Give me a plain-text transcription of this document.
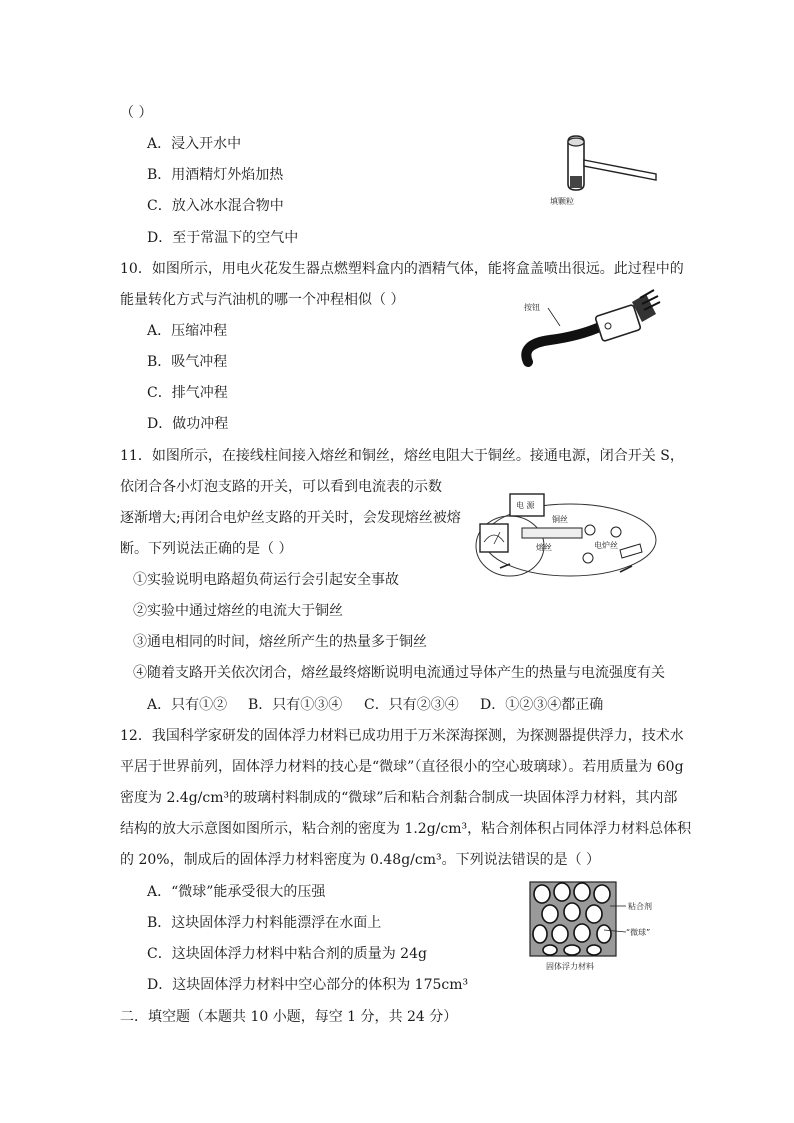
（ ）
A．浸入开水中
B．用酒精灯外焰加热
C．放入冰水混合物中
D．至于常温下的空气中
填颗粒
10．如图所示，用电火花发生器点燃塑料盒内的酒精气体，能将盒盖喷出很远。此过程中的
能量转化方式与汽油机的哪一个冲程相似（ ）
A．压缩冲程
B．吸气冲程
C．排气冲程
D．做功冲程
按钮
11．如图所示，在接线柱间接入熔丝和铜丝，熔丝电阻大于铜丝。接通电源，闭合开关 S，
依闭合各小灯泡支路的开关，可以看到电流表的示数
逐渐增大;再闭合电炉丝支路的开关时，会发现熔丝被熔
断。下列说法正确的是（ ）
①实验说明电路超负荷运行会引起安全事故
②实验中通过熔丝的电流大于铜丝
③通电相同的时间，熔丝所产生的热量多于铜丝
④随着支路开关依次闭合，熔丝最终熔断说明电流通过导体产生的热量与电流强度有关
A．只有①② B．只有①③④ C．只有②③④ D．①②③④都正确
电 源
铜丝
熔丝	电炉丝
12．我国科学家研发的固体浮力材料已成功用于万米深海探测，为探测器提供浮力，技术水
平居于世界前列，固体浮力材料的技心是“微球”（直径很小的空心玻璃球）。若用质量为 60g
密度为 2.4g/cm³的玻璃村料制成的“微球”后和粘合剂黏合制成一块固体浮力材料，其内部
结构的放大示意图如图所示，粘合剂的密度为 1.2g/cm³，粘合剂体积占同体浮力材料总体积
的 20%，制成后的固体浮力材料密度为 0.48g/cm³。下列说法错误的是（ ）
A．“微球”能承受很大的压强
B．这块固体浮力村料能漂浮在水面上
C．这块固体浮力材料中粘合剂的质量为 24g
D．这块固体浮力材料中空心部分的体积为 175cm³
粘合剂
“微球”
固体浮力材料
二．填空题（本题共 10 小题，每空 1 分，共 24 分）
